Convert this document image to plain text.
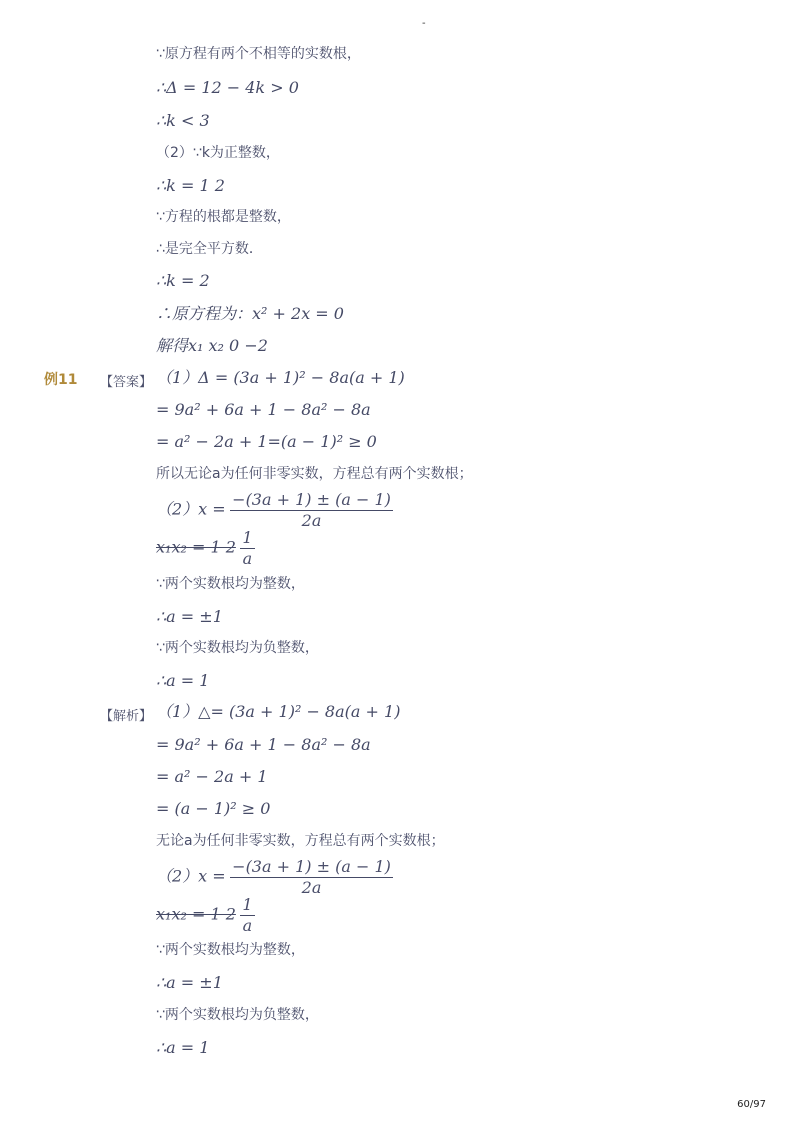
-
∵原方程有两个不相等的实数根，
∴Δ = 12 − 4k > 0
∴k < 3
（2）∵k为正整数，
∴k = 1 2
∵方程的根都是整数，
∴是完全平方数．
∴k = 2
∴原方程为：x² + 2x = 0
解得x₁ x₂ 0 −2
例11 【答案】 （1）Δ = (3a + 1)² − 8a(a + 1)
= 9a² + 6a + 1 − 8a² − 8a
= a² − 2a + 1=(a − 1)² ≥ 0
所以无论a为任何非零实数，方程总有两个实数根；
$(2)x = \frac{-(3a + 1) \pm (a - 1)}{2a}$
x₁x₂ = 1 $2 \frac{1}{a}$
∵两个实数根均为整数，
∴a = ±1
∵两个实数根均为负整数，
∴a = 1
【解析】 （1）△= (3a + 1)² − 8a(a + 1)
= 9a² + 6a + 1 − 8a² − 8a
= a² − 2a + 1
= (a − 1)² ≥ 0
无论a为任何非零实数，方程总有两个实数根；
$(2)x = \frac{-(3a + 1) \pm (a - 1)}{2a}$
x₁x₂ = 1 $2 \frac{1}{a}$
∵两个实数根均为整数，
∴a = ±1
∵两个实数根均为负整数，
∴a = 1
60/97
